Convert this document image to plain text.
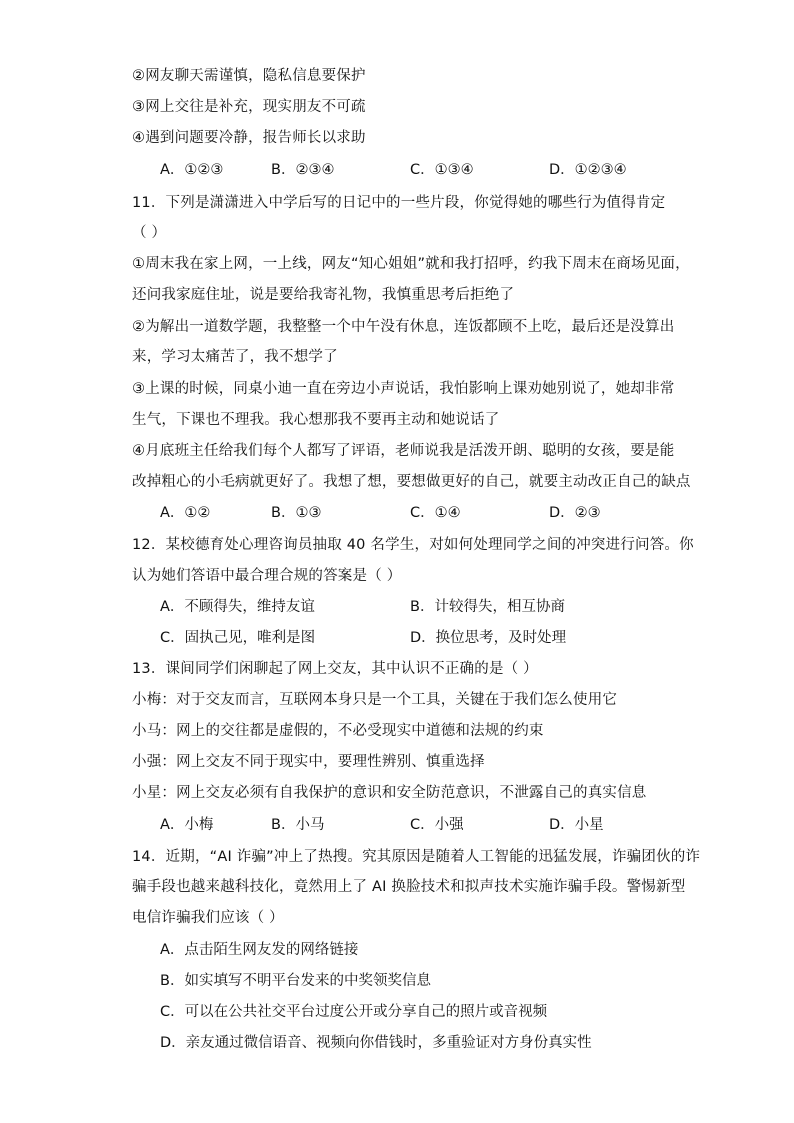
②网友聊天需谨慎，隐私信息要保护
③网上交往是补充，现实朋友不可疏
④遇到问题要冷静，报告师长以求助
A．①②③	B．②③④	C．①③④	D．①②③④
11．下列是潇潇进入中学后写的日记中的一些片段，你觉得她的哪些行为值得肯定
（ ）
①周末我在家上网，一上线，网友“知心姐姐”就和我打招呼，约我下周末在商场见面，
还问我家庭住址，说是要给我寄礼物，我慎重思考后拒绝了
②为解出一道数学题，我整整一个中午没有休息，连饭都顾不上吃，最后还是没算出
来，学习太痛苦了，我不想学了
③上课的时候，同桌小迪一直在旁边小声说话，我怕影响上课劝她别说了，她却非常
生气，下课也不理我。我心想那我不要再主动和她说话了
④月底班主任给我们每个人都写了评语，老师说我是活泼开朗、聪明的女孩，要是能
改掉粗心的小毛病就更好了。我想了想，要想做更好的自己，就要主动改正自己的缺点
A．①②	B．①③	C．①④	D．②③
12．某校德育处心理咨询员抽取 40 名学生，对如何处理同学之间的冲突进行问答。你
认为她们答语中最合理合规的答案是（ ）
A．不顾得失，维持友谊	B．计较得失，相互协商
C．固执己见，唯利是图	D．换位思考，及时处理
13．课间同学们闲聊起了网上交友，其中认识不正确的是（ ）
小梅：对于交友而言，互联网本身只是一个工具，关键在于我们怎么使用它
小马：网上的交往都是虚假的，不必受现实中道德和法规的约束
小强：网上交友不同于现实中，要理性辨别、慎重选择
小星：网上交友必须有自我保护的意识和安全防范意识，不泄露自己的真实信息
A．小梅	B．小马	C．小强	D．小星
14．近期，“AI 诈骗”冲上了热搜。究其原因是随着人工智能的迅猛发展，诈骗团伙的诈
骗手段也越来越科技化，竟然用上了 AI 换脸技术和拟声技术实施诈骗手段。警惕新型
电信诈骗我们应该（ ）
A．点击陌生网友发的网络链接
B．如实填写不明平台发来的中奖领奖信息
C．可以在公共社交平台过度公开或分享自己的照片或音视频
D．亲友通过微信语音、视频向你借钱时，多重验证对方身份真实性
